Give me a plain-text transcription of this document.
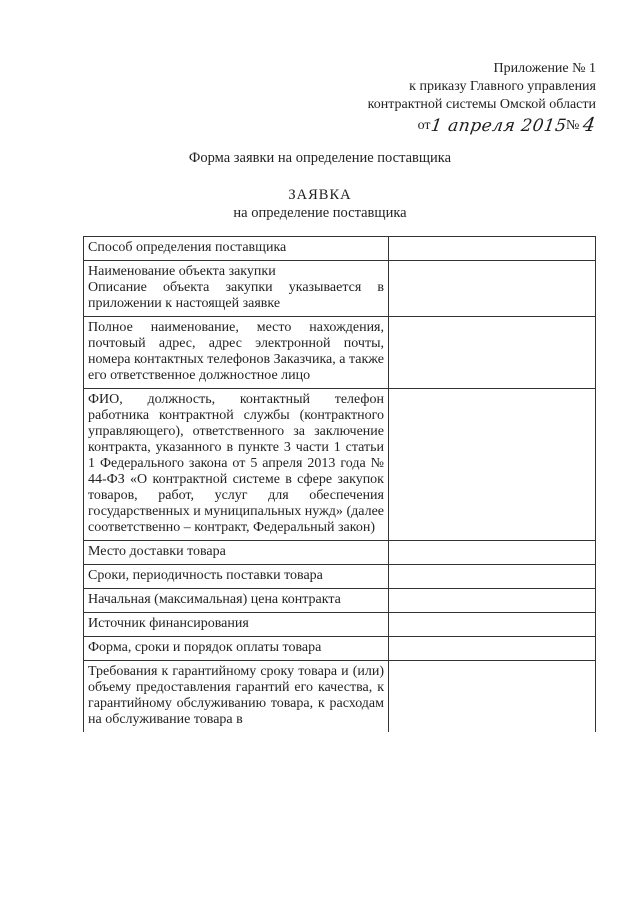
Приложение № 1
к приказу Главного управления
контрактной системы Омской области
от1 апреля 2015№ 4
Форма заявки на определение поставщика
ЗАЯВКА
на определение поставщика
Способ определения поставщика	

Наименование объекта закупки
Описание объекта закупки указывается в приложении к настоящей заявке	

Полное наименование, место нахождения, почтовый адрес, адрес электронной почты, номера контактных телефонов Заказчика, а также его ответственное должностное лицо	
ФИО, должность, контактный телефон работника контрактной службы (контрактного управляющего), ответственного за заключение контракта, указанного в пункте 3 части 1 статьи 1 Федерального закона от 5 апреля 2013 года № 44-ФЗ «О контрактной системе в сфере закупок товаров, работ, услуг для обеспечения государственных и муниципальных нужд» (далее соответственно – контракт, Федеральный закон)	
Место доставки товара	
Сроки, периодичность поставки товара	
Начальная (максимальная) цена контракта	
Источник финансирования	
Форма, сроки и порядок оплаты товара	
Требования к гарантийному сроку товара и (или) объему предоставления гарантий его качества, к гарантийному обслуживанию товара, к расходам на обслуживание товара в	
